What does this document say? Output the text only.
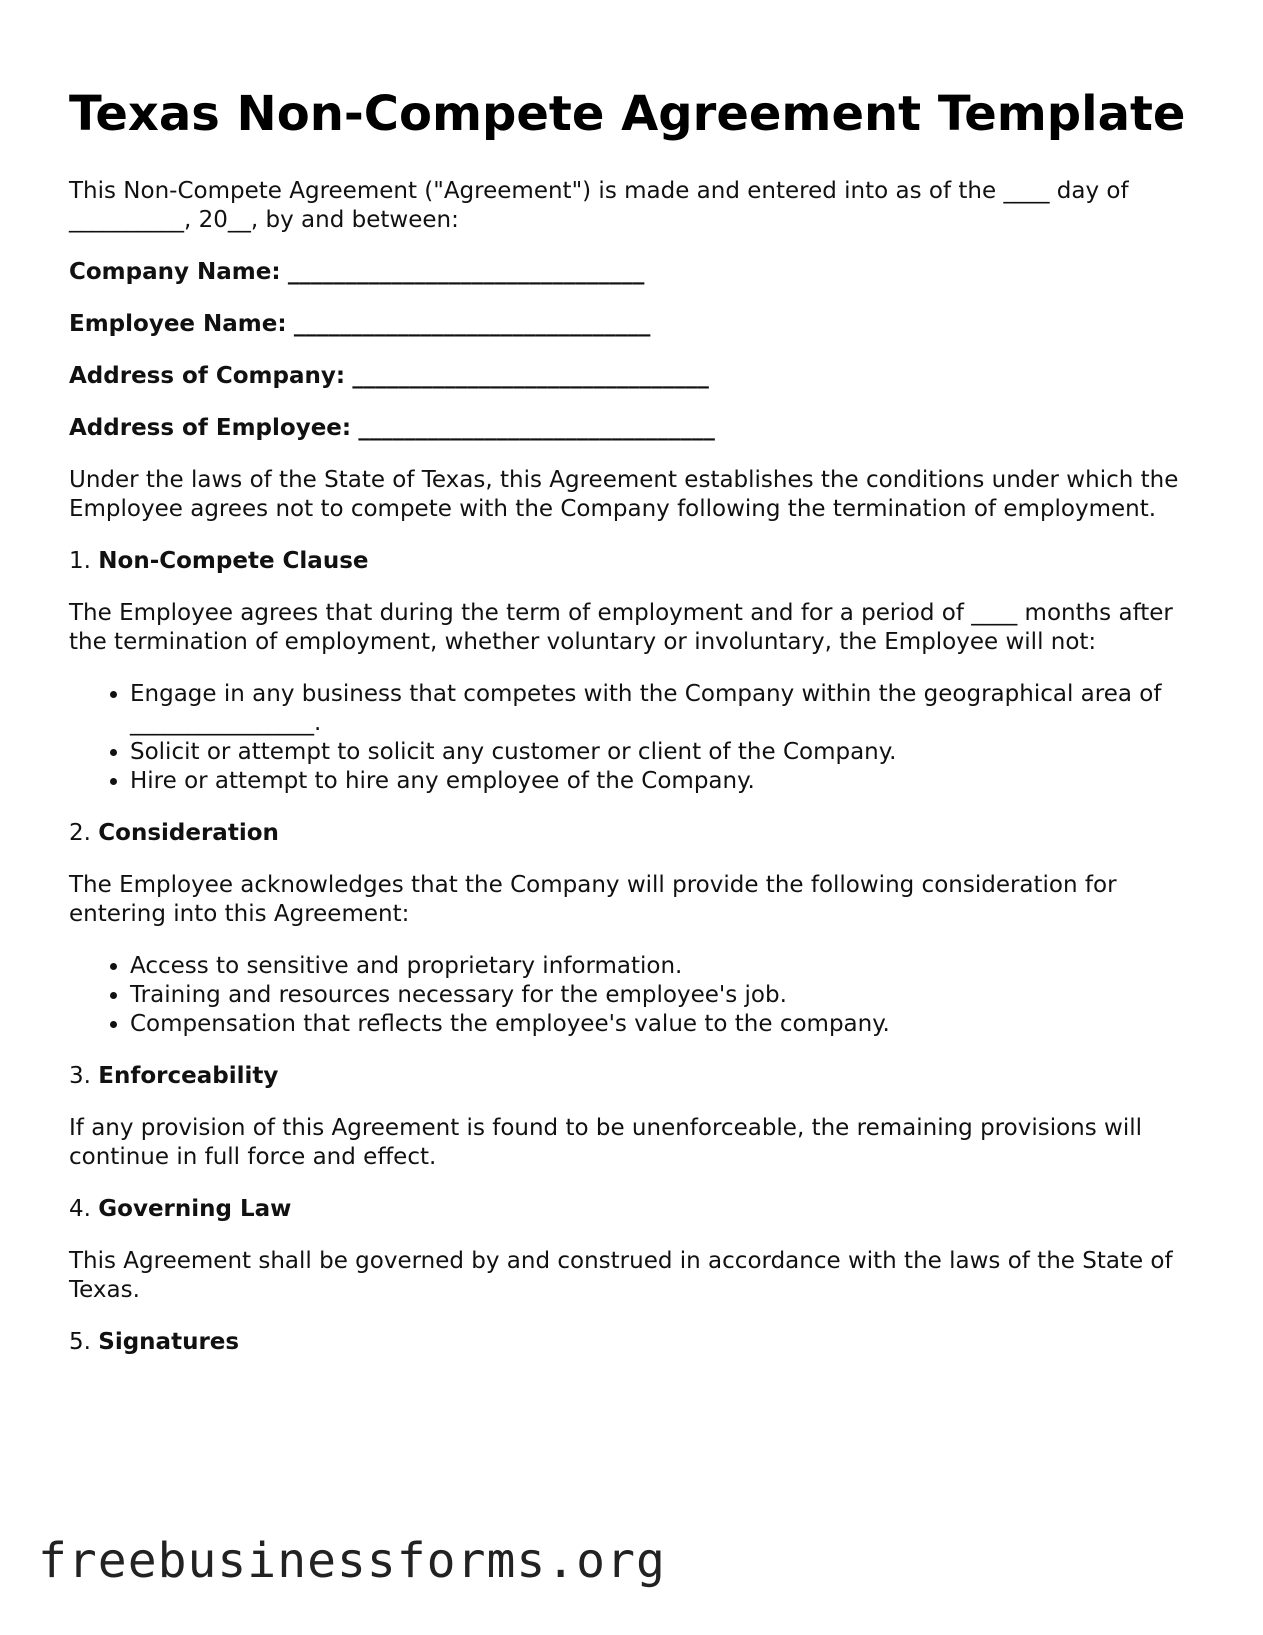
Texas Non-Compete Agreement Template

This Non-Compete Agreement ("Agreement") is made and entered into as of the ____ day of __________, 20__, by and between:

Company Name: _______________________________
Employee Name: _______________________________
Address of Company: _______________________________
Address of Employee: _______________________________

Under the laws of the State of Texas, this Agreement establishes the conditions under which the Employee agrees not to compete with the Company following the termination of employment.

1. Non-Compete Clause

The Employee agrees that during the term of employment and for a period of ____ months after the termination of employment, whether voluntary or involuntary, the Employee will not:

• Engage in any business that competes with the Company within the geographical area of ________________.
• Solicit or attempt to solicit any customer or client of the Company.
• Hire or attempt to hire any employee of the Company.
2. Consideration

The Employee acknowledges that the Company will provide the following consideration for entering into this Agreement:

• Access to sensitive and proprietary information.
• Training and resources necessary for the employee's job.
• Compensation that reflects the employee's value to the company.
3. Enforceability

If any provision of this Agreement is found to be unenforceable, the remaining provisions will continue in full force and effect.

4. Governing Law

This Agreement shall be governed by and construed in accordance with the laws of the State of Texas.

5. Signatures
freebusinessforms.org
